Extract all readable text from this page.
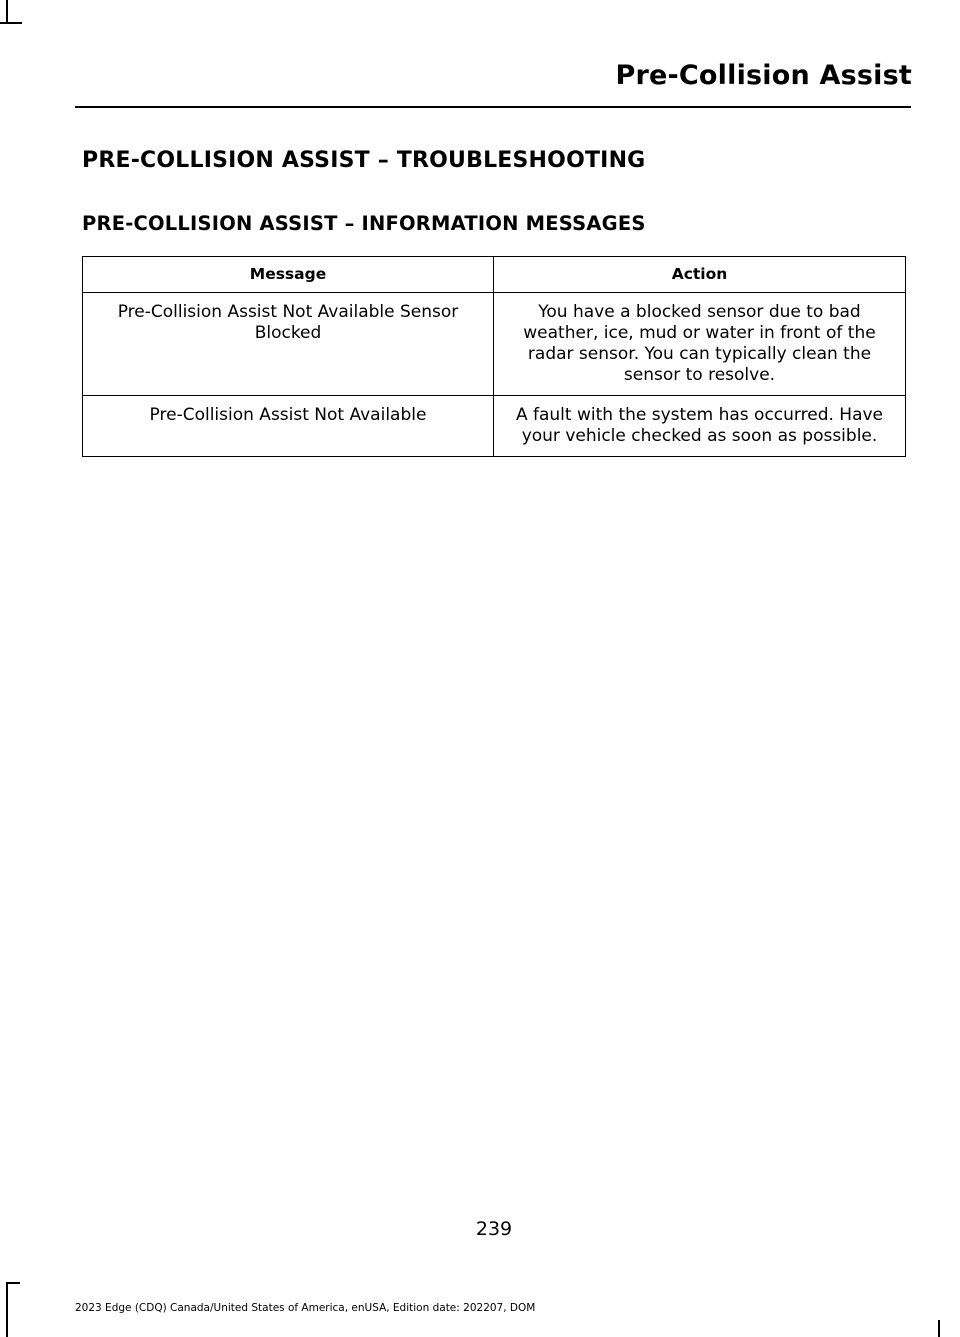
Pre-Collision Assist
PRE-COLLISION ASSIST – TROUBLESHOOTING
PRE-COLLISION ASSIST – INFORMATION MESSAGES
Message	Action
Pre-Collision Assist Not Available Sensor Blocked	You have a blocked sensor due to bad weather, ice, mud or water in front of the radar sensor. You can typically clean the sensor to resolve.
Pre-Collision Assist Not Available	A fault with the system has occurred. Have your vehicle checked as soon as possible.
239
2023 Edge (CDQ) Canada/United States of America, enUSA, Edition date: 202207, DOM
